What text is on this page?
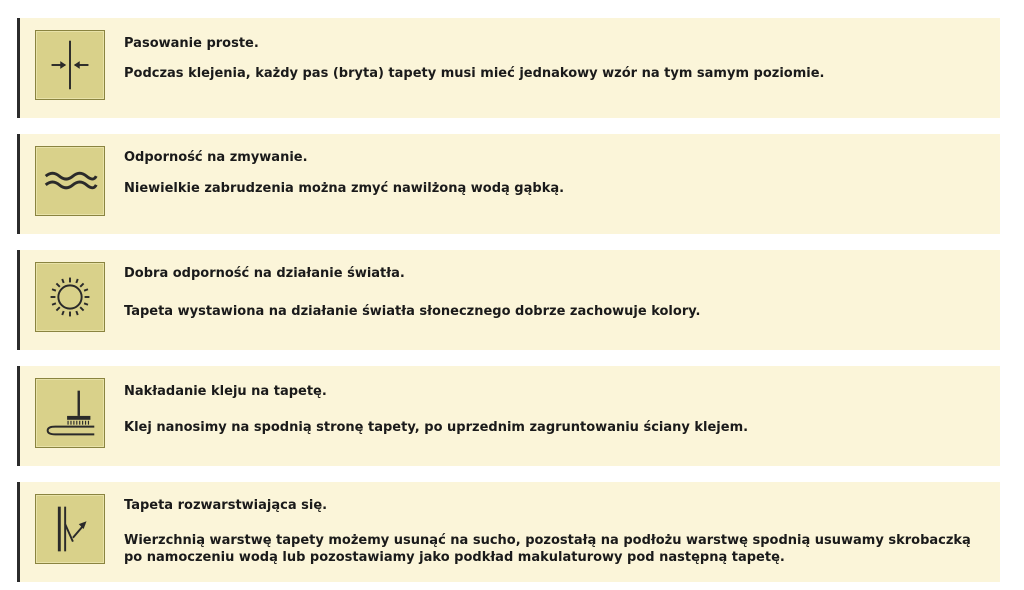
Pasowanie proste.
Podczas klejenia, każdy pas (bryta) tapety musi mieć jednakowy wzór na tym samym poziomie.
Odporność na zmywanie.
Niewielkie zabrudzenia można zmyć nawilżoną wodą gąbką.
Dobra odporność na działanie światła.
Tapeta wystawiona na działanie światła słonecznego dobrze zachowuje kolory.
Nakładanie kleju na tapetę.
Klej nanosimy na spodnią stronę tapety, po uprzednim zagruntowaniu ściany klejem.
Tapeta rozwarstwiająca się.
Wierzchnią warstwę tapety możemy usunąć na sucho, pozostałą na podłożu warstwę spodnią usuwamy skrobaczką po namoczeniu wodą lub pozostawiamy jako podkład makulaturowy pod następną tapetę.
